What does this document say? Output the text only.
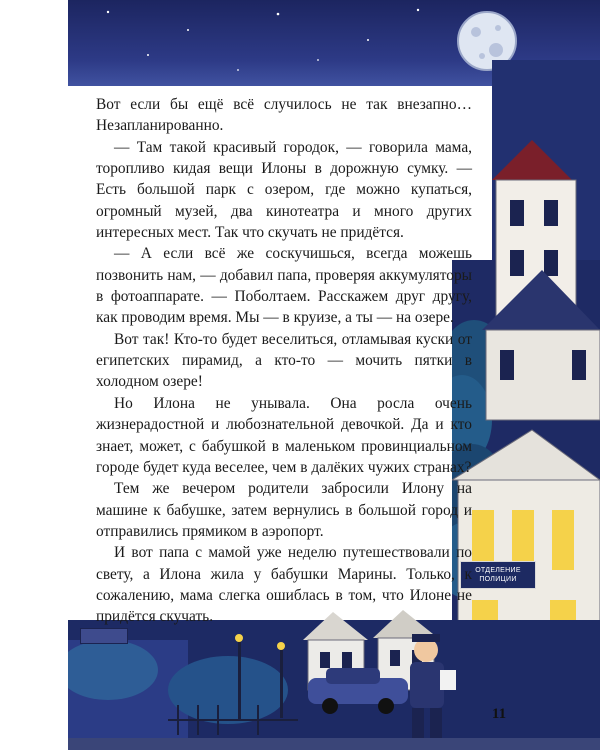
ОТДЕЛЕНИЕ
ПОЛИЦИИ

Вот если бы ещё всё случилось не так внезапно… Незапланированно.

— Там такой красивый городок, — говорила мама, торопливо кидая вещи Илоны в дорожную сумку. — Есть большой парк с озером, где можно купаться, огромный музей, два кинотеатра и много других интересных мест. Так что скучать не придётся.

— А если всё же соскучишься, всегда можешь позвонить нам, — добавил папа, проверяя аккумуляторы в фотоаппарате. — Поболтаем. Расскажем друг другу, как проводим время. Мы — в круизе, а ты — на озере.

Вот так! Кто-то будет веселиться, отламывая куски от египетских пирамид, а кто-то — мочить пятки в холодном озере!

Но Илона не унывала. Она росла очень жизнерадостной и любознательной девочкой. Да и кто знает, может, с бабушкой в маленьком провинциальном городе будет куда веселее, чем в далёких чужих странах?

Тем же вечером родители забросили Илону на машине к бабушке, затем вернулись в большой город и отправились прямиком в аэропорт.

И вот папа с мамой уже неделю путешествовали по свету, а Илона жила у бабушки Марины. Только, к сожалению, мама слегка ошиблась в том, что Илоне не придётся скучать.

11
